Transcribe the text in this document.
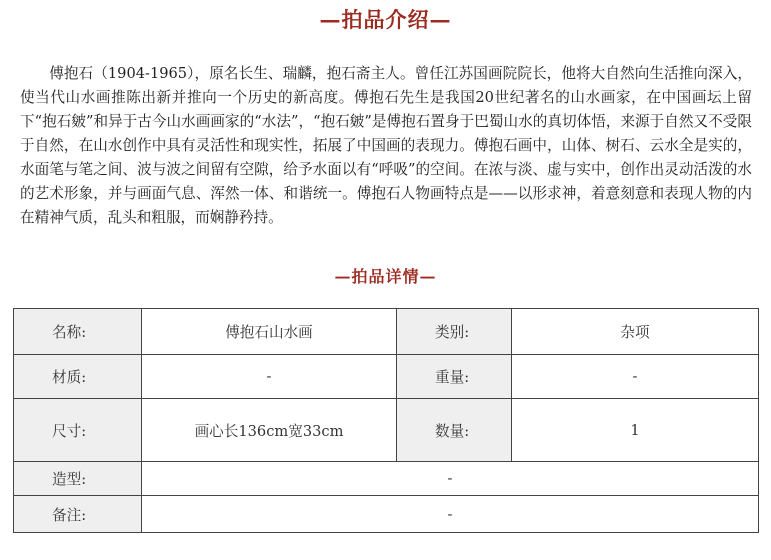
—拍品介绍—

傅抱石（1904-1965），原名长生、瑞麟，抱石斋主人。曾任江苏国画院院长，他将大自然向生活推向深入，使当代山水画推陈出新并推向一个历史的新高度。傅抱石先生是我国20世纪著名的山水画家，在中国画坛上留下“抱石皴”和异于古今山水画画家的“水法”，“抱石皴”是傅抱石置身于巴蜀山水的真切体悟，来源于自然又不受限于自然，在山水创作中具有灵活性和现实性，拓展了中国画的表现力。傅抱石画中，山体、树石、云水全是实的，水面笔与笔之间、波与波之间留有空隙，给予水面以有“呼吸”的空间。在浓与淡、虚与实中，创作出灵动活泼的水的艺术形象，并与画面气息、浑然一体、和谐统一。傅抱石人物画特点是——以形求神，着意刻意和表现人物的内在精神气质，乱头和粗服，而娴静矜持。

—拍品详情—
名称:	傅抱石山水画	类别:	杂项
材质:	-	重量:	-
尺寸:	画心长136cm宽33cm	数量:	1
造型:	-		
备注:	-		
